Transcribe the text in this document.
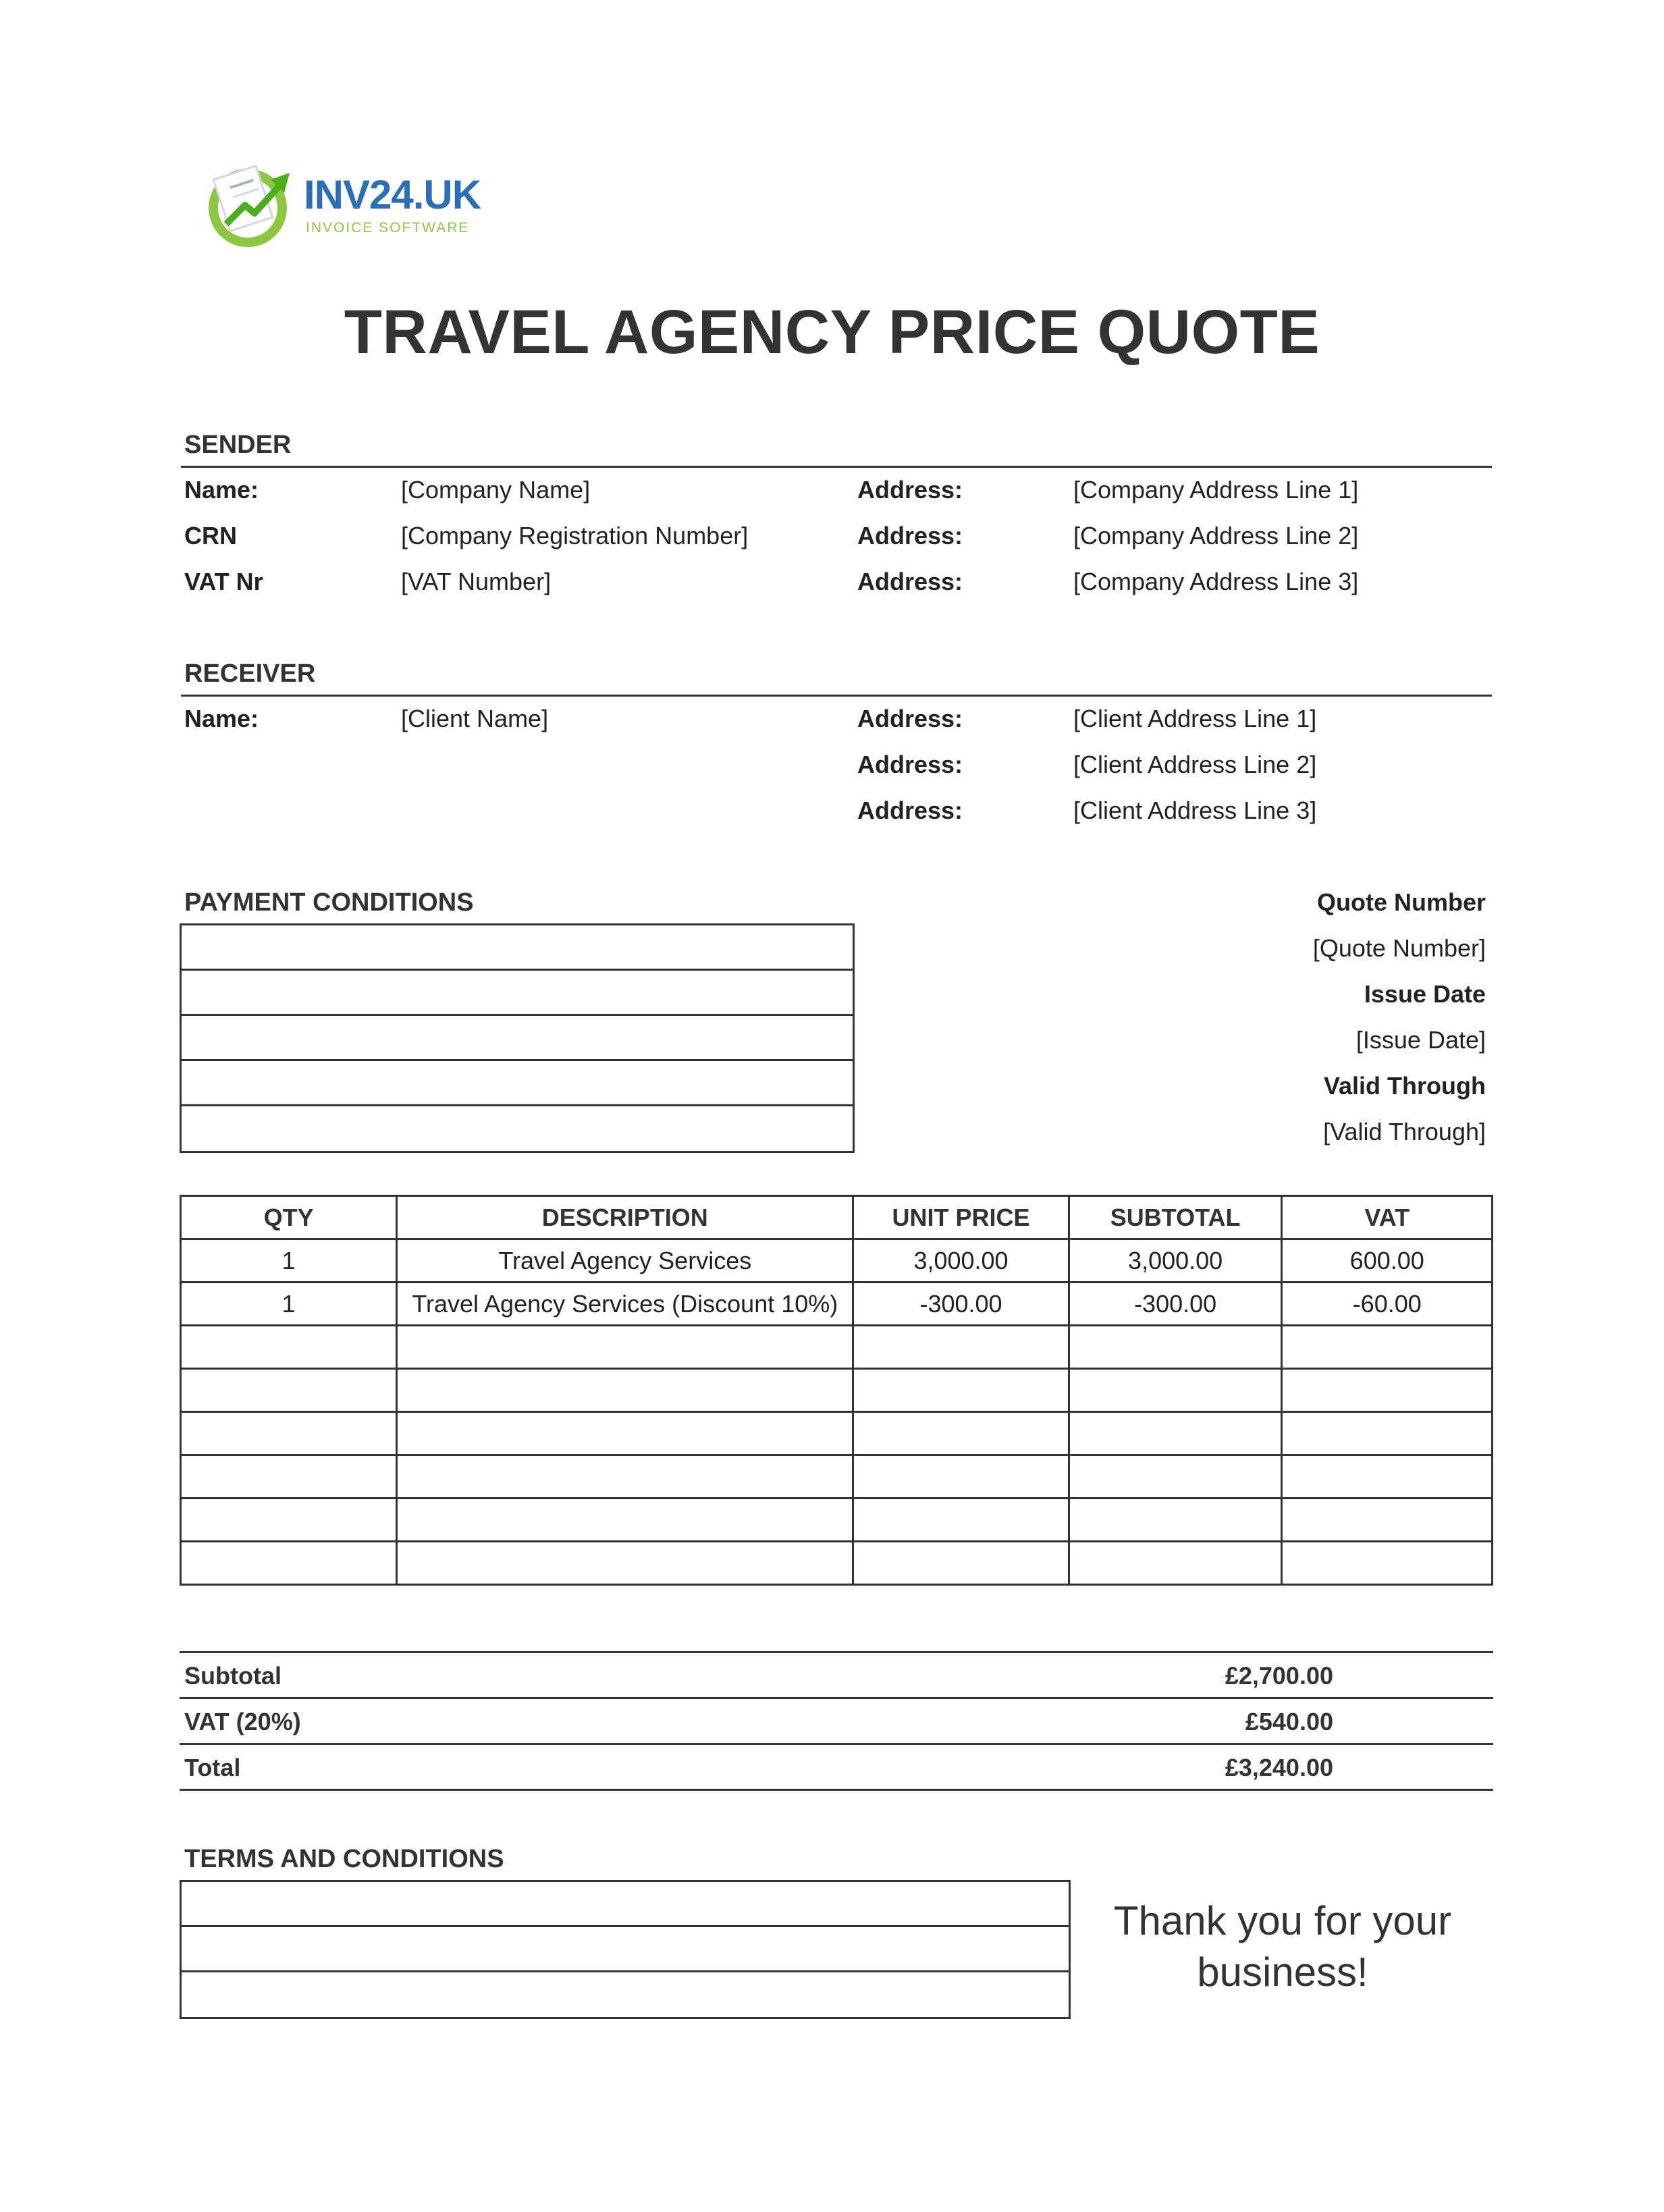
INV24.UK
INVOICE SOFTWARE
TRAVEL AGENCY PRICE QUOTE
SENDER
Name:	[Company Name]	Address:	[Company Address Line 1]
CRN	[Company Registration Number]	Address:	[Company Address Line 2]
VAT Nr	[VAT Number]	Address:	[Company Address Line 3]
RECEIVER
Name:	[Client Name]	Address:	[Client Address Line 1]
Address:	[Client Address Line 2]
Address:	[Client Address Line 3]
PAYMENT CONDITIONS	Quote Number
[Quote Number]
Issue Date
[Issue Date]
Valid Through
[Valid Through]
QTY	DESCRIPTION	UNIT PRICE	SUBTOTAL	VAT
1	Travel Agency Services	3,000.00	3,000.00	600.00
1	Travel Agency Services (Discount 10%)	-300.00	-300.00	-60.00

Subtotal	£2,700.00
VAT (20%)	£540.00
Total	£3,240.00
TERMS AND CONDITIONS
Thank you for your
business!
